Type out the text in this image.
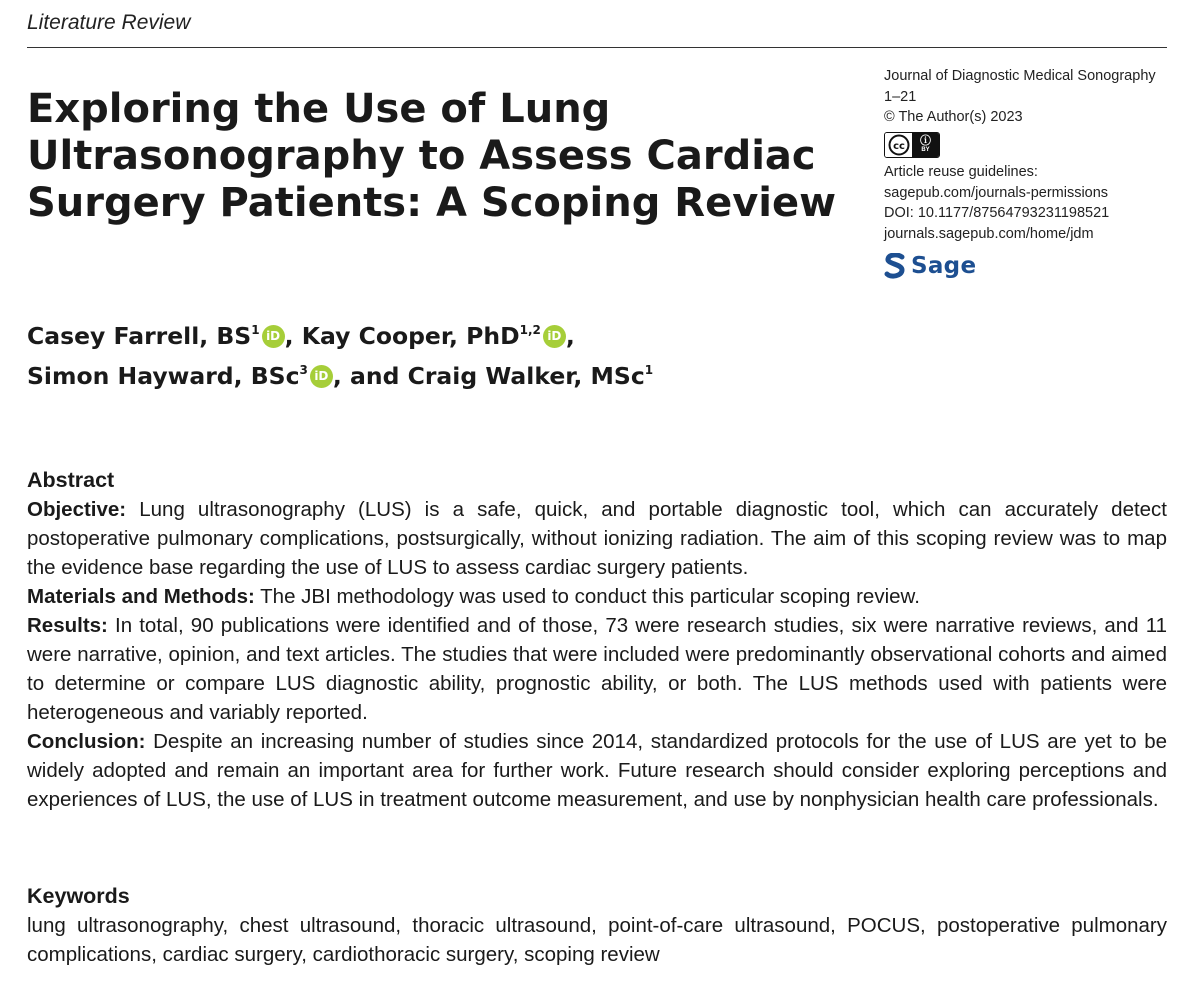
Literature Review
Exploring the Use of Lung
Ultrasonography to Assess Cardiac
Surgery Patients: A Scoping Review
Journal of Diagnostic Medical Sonography
1–21
© The Author(s) 2023
cc ⓘ
BY
Article reuse guidelines:
sagepub.com/journals-permissions
DOI: 10.1177/87564793231198521
journals.sagepub.com/home/jdm
Sage
Casey Farrell, $BS^1$ iD , Kay Cooper, PhD$^{1,2}$ iD ,
Simon Hayward, BSc$^3$ iD , and Craig Walker, MSc$^1$
Abstract

Objective: Lung ultrasonography (LUS) is a safe, quick, and portable diagnostic tool, which can accurately detect postoperative pulmonary complications, postsurgically, without ionizing radiation. The aim of this scoping review was to map the evidence base regarding the use of LUS to assess cardiac surgery patients.

Materials and Methods: The JBI methodology was used to conduct this particular scoping review.

Results: In total, 90 publications were identified and of those, 73 were research studies, six were narrative reviews, and 11 were narrative, opinion, and text articles. The studies that were included were predominantly observational cohorts and aimed to determine or compare LUS diagnostic ability, prognostic ability, or both. The LUS methods used with patients were heterogeneous and variably reported.

Conclusion: Despite an increasing number of studies since 2014, standardized protocols for the use of LUS are yet to be widely adopted and remain an important area for further work. Future research should consider exploring perceptions and experiences of LUS, the use of LUS in treatment outcome measurement, and use by nonphysician health care professionals.

Keywords

lung ultrasonography, chest ultrasound, thoracic ultrasound, point-of-care ultrasound, POCUS, postoperative pulmonary complications, cardiac surgery, cardiothoracic surgery, scoping review
